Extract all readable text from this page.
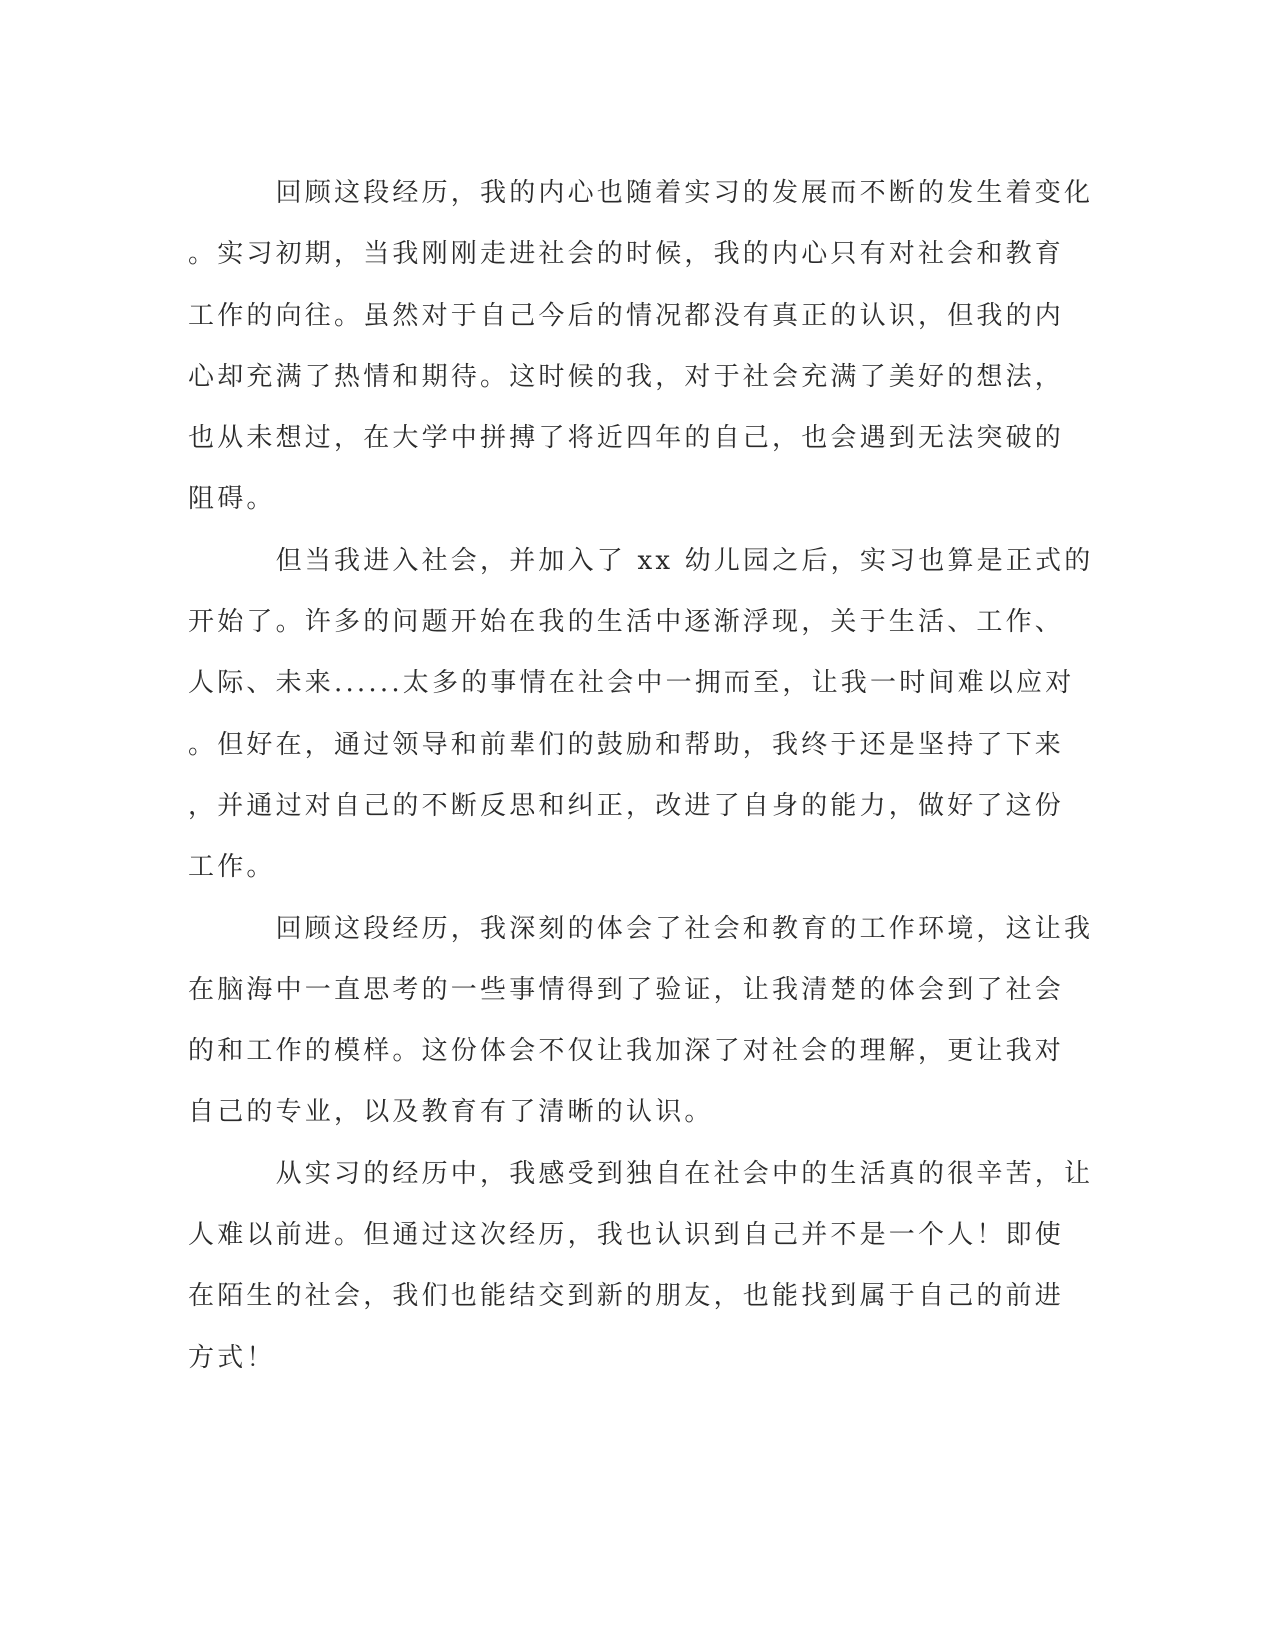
　　　回顾这段经历，我的内心也随着实习的发展而不断的发生着变化
。实习初期，当我刚刚走进社会的时候，我的内心只有对社会和教育
工作的向往。虽然对于自己今后的情况都没有真正的认识，但我的内
心却充满了热情和期待。这时候的我，对于社会充满了美好的想法，
也从未想过，在大学中拼搏了将近四年的自己，也会遇到无法突破的
阻碍。
　　　但当我进入社会，并加入了 xx 幼儿园之后，实习也算是正式的
开始了。许多的问题开始在我的生活中逐渐浮现，关于生活、工作、
人际、未来......太多的事情在社会中一拥而至，让我一时间难以应对
。但好在，通过领导和前辈们的鼓励和帮助，我终于还是坚持了下来
，并通过对自己的不断反思和纠正，改进了自身的能力，做好了这份
工作。
　　　回顾这段经历，我深刻的体会了社会和教育的工作环境，这让我
在脑海中一直思考的一些事情得到了验证，让我清楚的体会到了社会
的和工作的模样。这份体会不仅让我加深了对社会的理解，更让我对
自己的专业，以及教育有了清晰的认识。
　　　从实习的经历中，我感受到独自在社会中的生活真的很辛苦，让
人难以前进。但通过这次经历，我也认识到自己并不是一个人！即使
在陌生的社会，我们也能结交到新的朋友，也能找到属于自己的前进
方式！
